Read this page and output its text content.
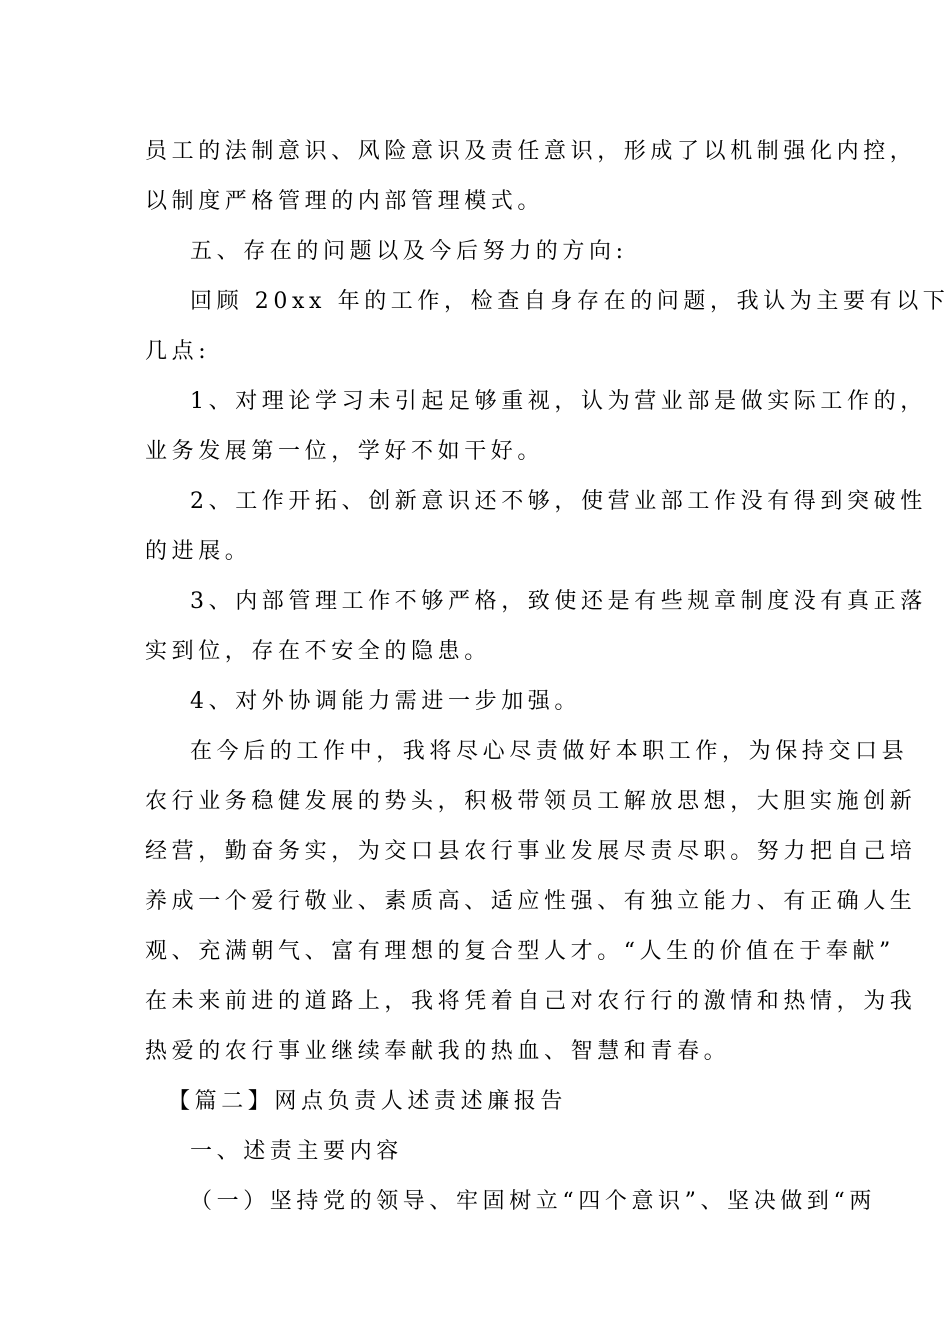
员工的法制意识、风险意识及责任意识，形成了以机制强化内控，
以制度严格管理的内部管理模式。
五、存在的问题以及今后努力的方向:
回顾 20xx 年的工作，检查自身存在的问题，我认为主要有以下
几点:
1、对理论学习未引起足够重视，认为营业部是做实际工作的，
业务发展第一位，学好不如干好。
2、工作开拓、创新意识还不够，使营业部工作没有得到突破性
的进展。
3、内部管理工作不够严格，致使还是有些规章制度没有真正落
实到位，存在不安全的隐患。
4、对外协调能力需进一步加强。
在今后的工作中，我将尽心尽责做好本职工作，为保持交口县
农行业务稳健发展的势头，积极带领员工解放思想，大胆实施创新
经营，勤奋务实，为交口县农行事业发展尽责尽职。努力把自己培
养成一个爱行敬业、素质高、适应性强、有独立能力、有正确人生
观、充满朝气、富有理想的复合型人才。“人生的价值在于奉献”
在未来前进的道路上，我将凭着自己对农行行的激情和热情，为我
热爱的农行事业继续奉献我的热血、智慧和青春。
【篇二】网点负责人述责述廉报告
一、述责主要内容
（一）坚持党的领导、牢固树立“四个意识”、坚决做到“两
